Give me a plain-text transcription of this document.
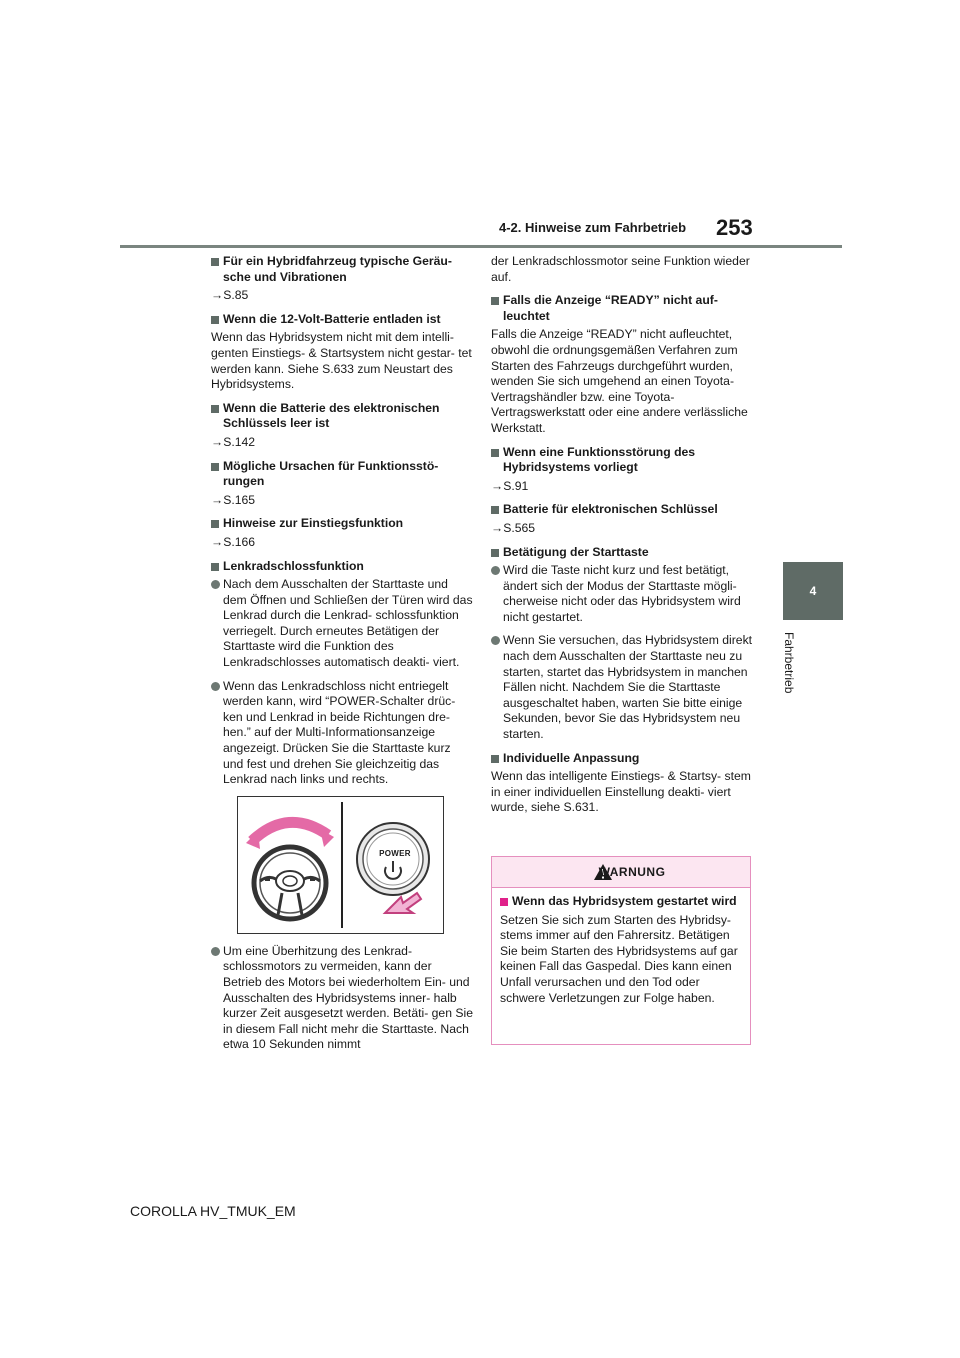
4-2. Hinweise zum Fahrbetrieb 253
4
Fahrbetrieb
Für ein Hybridfahrzeug typische Geräu- sche und Vibrationen
→S.85
Wenn die 12-Volt-Batterie entladen ist
Wenn das Hybridsystem nicht mit dem intelli- genten Einstiegs- & Startsystem nicht gestar- tet werden kann. Siehe S.633 zum Neustart des Hybridsystems.
Wenn die Batterie des elektronischen Schlüssels leer ist
→S.142
Mögliche Ursachen für Funktionsstö- rungen
→S.165
Hinweise zur Einstiegsfunktion
→S.166
Lenkradschlossfunktion
Nach dem Ausschalten der Starttaste und dem Öffnen und Schließen der Türen wird das Lenkrad durch die Lenkrad- schlossfunktion verriegelt. Durch erneutes Betätigen der Starttaste wird die Funktion des Lenkradschlosses automatisch deakti- viert.
Wenn das Lenkradschloss nicht entriegelt werden kann, wird “POWER-Schalter drüc- ken und Lenkrad in beide Richtungen dre- hen.” auf der Multi-Informationsanzeige angezeigt. Drücken Sie die Starttaste kurz und fest und drehen Sie gleichzeitig das Lenkrad nach links und rechts.
POWER
Um eine Überhitzung des Lenkrad- schlossmotors zu vermeiden, kann der Betrieb des Motors bei wiederholtem Ein- und Ausschalten des Hybridsystems inner- halb kurzer Zeit ausgesetzt werden. Betäti- gen Sie in diesem Fall nicht mehr die Starttaste. Nach etwa 10 Sekunden nimmt
der Lenkradschlossmotor seine Funktion wieder auf.
Falls die Anzeige “READY” nicht auf- leuchtet
Falls die Anzeige “READY” nicht aufleuchtet, obwohl die ordnungsgemäßen Verfahren zum Starten des Fahrzeugs durchgeführt wurden, wenden Sie sich umgehend an einen Toyota-Vertragshändler bzw. eine Toyota-Vertragswerkstatt oder eine andere verlässliche Werkstatt.
Wenn eine Funktionsstörung des Hybridsystems vorliegt
→S.91
Batterie für elektronischen Schlüssel
→S.565
Betätigung der Starttaste
Wird die Taste nicht kurz und fest betätigt, ändert sich der Modus der Starttaste mögli- cherweise nicht oder das Hybridsystem wird nicht gestartet.
Wenn Sie versuchen, das Hybridsystem direkt nach dem Ausschalten der Starttaste neu zu starten, startet das Hybridsystem in manchen Fällen nicht. Nachdem Sie die Starttaste ausgeschaltet haben, warten Sie bitte einige Sekunden, bevor Sie das Hybridsystem neu starten.
Individuelle Anpassung
Wenn das intelligente Einstiegs- & Startsy- stem in einer individuellen Einstellung deakti- viert wurde, siehe S.631.
WARNUNG
Wenn das Hybridsystem gestartet wird
Setzen Sie sich zum Starten des Hybridsy- stems immer auf den Fahrersitz. Betätigen Sie beim Starten des Hybridsystems auf gar keinen Fall das Gaspedal. Dies kann einen Unfall verursachen und den Tod oder schwere Verletzungen zur Folge haben.
COROLLA HV_TMUK_EM
